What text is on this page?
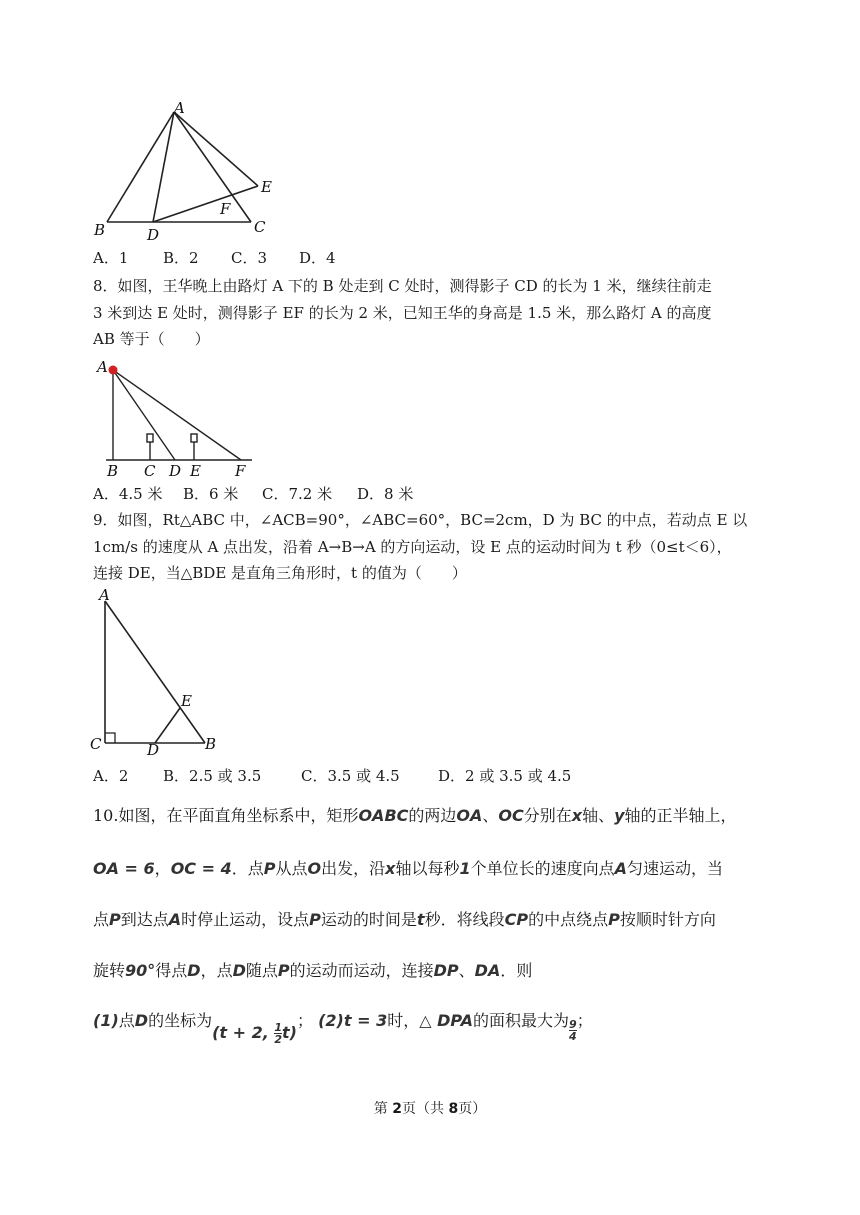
A
B	D	C
E
F
A．1 B．2 C．3 D．4
8．如图，王华晚上由路灯 A 下的 B 处走到 C 处时，测得影子 CD 的长为 1 米，继续往前走
3 米到达 E 处时，测得影子 EF 的长为 2 米，已知王华的身高是 1.5 米，那么路灯 A 的高度
AB 等于（　　）
A
B C D E F
A．4.5 米 B．6 米 C．7.2 米 D．8 米
9．如图，Rt△ABC 中，∠ACB=90°，∠ABC=60°，BC=2cm，D 为 BC 的中点，若动点 E 以
1cm/s 的速度从 A 点出发，沿着 A→B→A 的方向运动，设 E 点的运动时间为 t 秒（0≤t＜6），
连接 DE，当△BDE 是直角三角形时，t 的值为（　　）
A
C	D	B
E
A．2 B．2.5 或 3.5	C．3.5 或 4.5	D．2 或 3.5 或 4.5
10.如图，在平面直角坐标系中，矩形OABC的两边OA、OC分别在x轴、y轴的正半轴上，
OA = 6，OC = 4．点P从点O出发，沿x轴以每秒1个单位长的速度向点A匀速运动，当
点P到达点A时停止运动，设点P运动的时间是t秒．将线段CP的中点绕点P按顺时针方向
旋转90°得点D，点D随点P的运动而运动，连接DP、DA．则
(1)点D的坐标为(t + 2, $\frac{1}{2} t$)； (2)t = 3时，△ DPA的面积最大为 $\frac{9}{4}$ ；
第 2页（共 8页）
